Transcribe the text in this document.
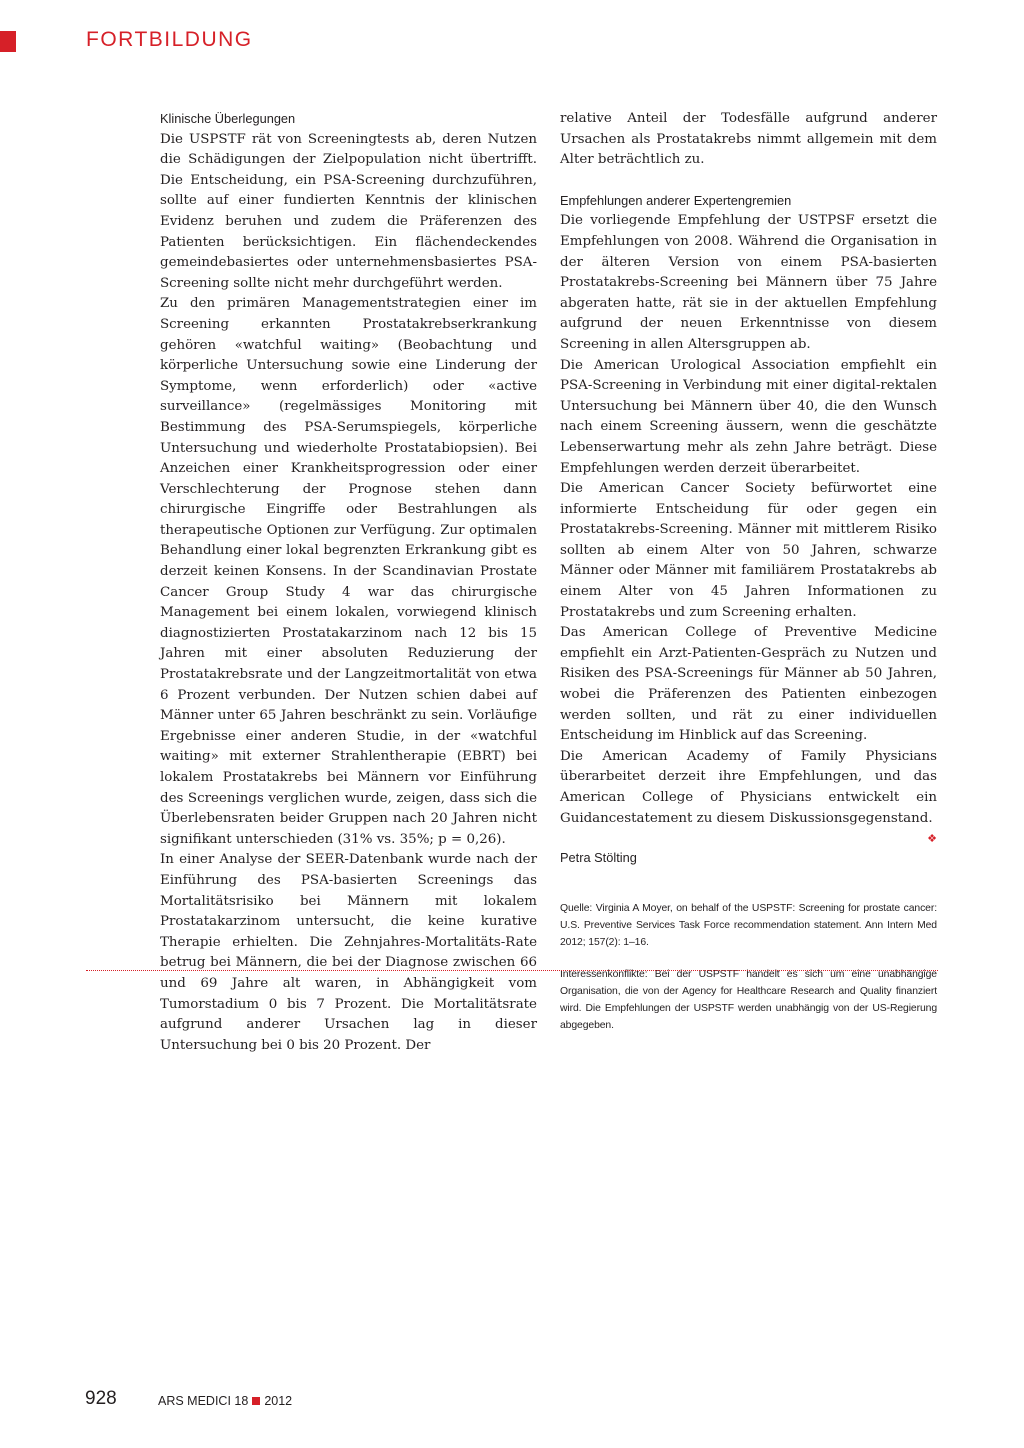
FORTBILDUNG
Klinische Überlegungen

Die USPSTF rät von Screeningtests ab, deren Nutzen die Schädigungen der Zielpopulation nicht übertrifft. Die Entscheidung, ein PSA-Screening durchzuführen, sollte auf einer fundierten Kenntnis der klinischen Evidenz beruhen und zudem die Präferenzen des Patienten berücksichtigen. Ein flächendeckendes gemeindebasiertes oder unternehmensbasiertes PSA-Screening sollte nicht mehr durchgeführt werden.

Zu den primären Managementstrategien einer im Screening erkannten Prostatakrebserkrankung gehören «watchful waiting» (Beobachtung und körperliche Untersuchung sowie eine Linderung der Symptome, wenn erforderlich) oder «active surveillance» (regelmässiges Monitoring mit Bestimmung des PSA-Serumspiegels, körperliche Untersuchung und wiederholte Prostatabiopsien). Bei Anzeichen einer Krankheitsprogression oder einer Verschlechterung der Prognose stehen dann chirurgische Eingriffe oder Bestrahlungen als therapeutische Optionen zur Verfügung. Zur optimalen Behandlung einer lokal begrenzten Erkrankung gibt es derzeit keinen Konsens. In der Scandinavian Prostate Cancer Group Study 4 war das chirurgische Management bei einem lokalen, vorwiegend klinisch diagnostizierten Prostatakarzinom nach 12 bis 15 Jahren mit einer absoluten Reduzierung der Prostatakrebsrate und der Langzeitmortalität von etwa 6 Prozent verbunden. Der Nutzen schien dabei auf Männer unter 65 Jahren beschränkt zu sein. Vorläufige Ergebnisse einer anderen Studie, in der «watchful waiting» mit externer Strahlentherapie (EBRT) bei lokalem Prostatakrebs bei Männern vor Einführung des Screenings verglichen wurde, zeigen, dass sich die Überlebensraten beider Gruppen nach 20 Jahren nicht signifikant unterschieden (31% vs. 35%; p = 0,26).

In einer Analyse der SEER-Datenbank wurde nach der Einführung des PSA-basierten Screenings das Mortalitätsrisiko bei Männern mit lokalem Prostatakarzinom untersucht, die keine kurative Therapie erhielten. Die Zehnjahres-Mortalitäts-Rate betrug bei Männern, die bei der Diagnose zwischen 66 und 69 Jahre alt waren, in Abhängigkeit vom Tumorstadium 0 bis 7 Prozent. Die Mortalitätsrate aufgrund anderer Ursachen lag in dieser Untersuchung bei 0 bis 20 Prozent. Der

relative Anteil der Todesfälle aufgrund anderer Ursachen als Prostatakrebs nimmt allgemein mit dem Alter beträchtlich zu.

Empfehlungen anderer Expertengremien

Die vorliegende Empfehlung der USTPSF ersetzt die Empfehlungen von 2008. Während die Organisation in der älteren Version von einem PSA-basierten Prostatakrebs-Screening bei Männern über 75 Jahre abgeraten hatte, rät sie in der aktuellen Empfehlung aufgrund der neuen Erkenntnisse von diesem Screening in allen Altersgruppen ab.

Die American Urological Association empfiehlt ein PSA-Screening in Verbindung mit einer digital-rektalen Untersuchung bei Männern über 40, die den Wunsch nach einem Screening äussern, wenn die geschätzte Lebenserwartung mehr als zehn Jahre beträgt. Diese Empfehlungen werden derzeit überarbeitet.

Die American Cancer Society befürwortet eine informierte Entscheidung für oder gegen ein Prostatakrebs-Screening. Männer mit mittlerem Risiko sollten ab einem Alter von 50 Jahren, schwarze Männer oder Männer mit familiärem Prostatakrebs ab einem Alter von 45 Jahren Informationen zu Prostatakrebs und zum Screening erhalten.

Das American College of Preventive Medicine empfiehlt ein Arzt-Patienten-Gespräch zu Nutzen und Risiken des PSA-Screenings für Männer ab 50 Jahren, wobei die Präferenzen des Patienten einbezogen werden sollten, und rät zu einer individuellen Entscheidung im Hinblick auf das Screening.

Die American Academy of Family Physicians überarbeitet derzeit ihre Empfehlungen, und das American College of Physicians entwickelt ein Guidancestatement zu diesem Diskussionsgegenstand.
❖

Petra Stölting

Quelle: Virginia A Moyer, on behalf of the USPSTF: Screening for prostate cancer: U.S. Preventive Services Task Force recommendation statement. Ann Intern Med 2012; 157(2): 1–16.

Interessenkonflikte: Bei der USPSTF handelt es sich um eine unabhängige Organisation, die von der Agency for Healthcare Research and Quality finanziert wird. Die Empfehlungen der USPSTF werden unabhängig von der US-Regierung abgegeben.

928	ARS MEDICI 18 2012
